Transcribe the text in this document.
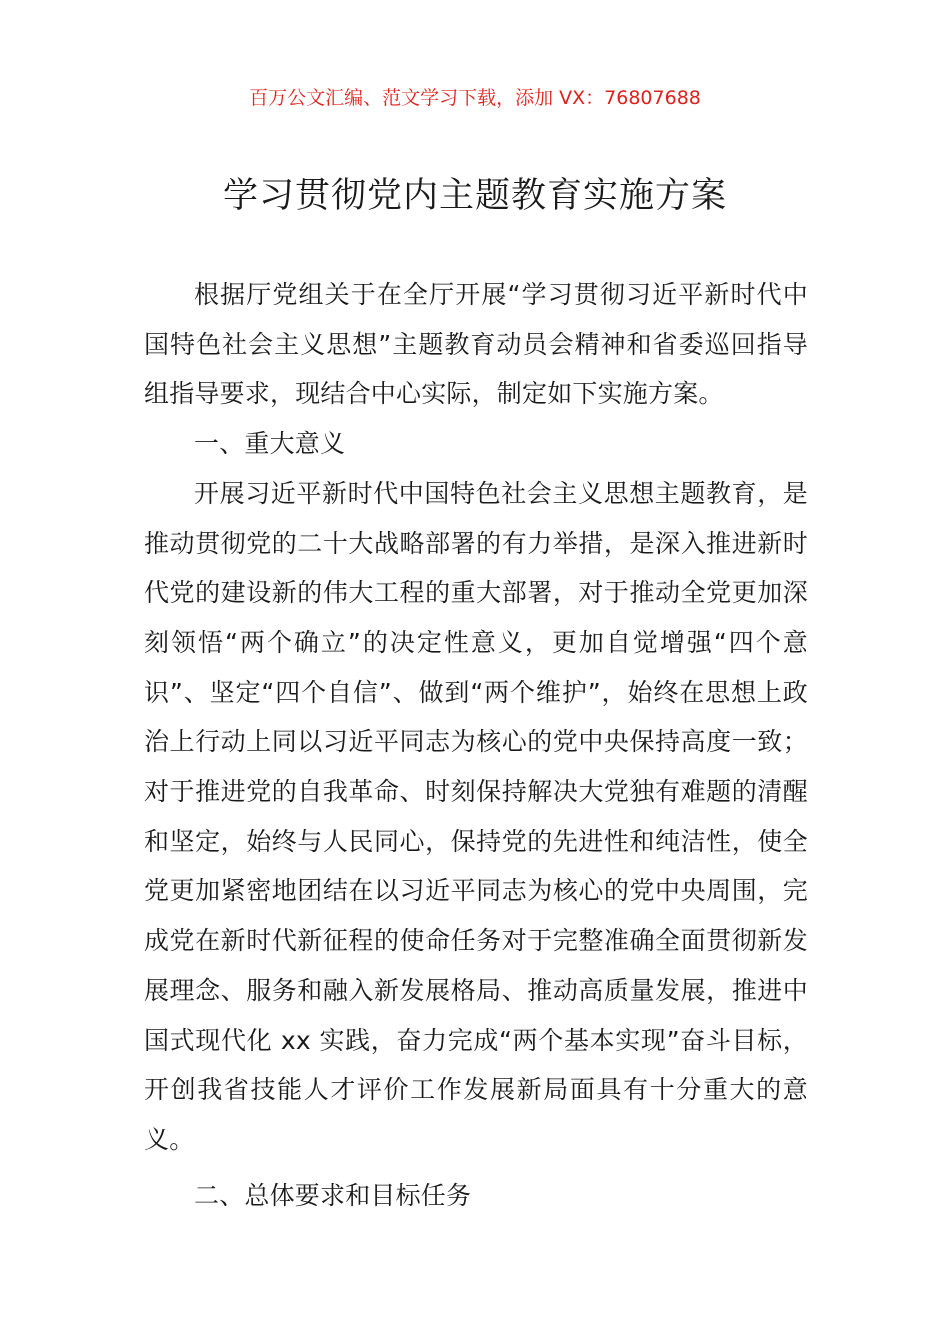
百万公文汇编、范文学习下载，添加 VX：76807688
学习贯彻党内主题教育实施方案

根据厅党组关于在全厅开展“学习贯彻习近平新时代中国特色社会主义思想”主题教育动员会精神和省委巡回指导组指导要求，现结合中心实际，制定如下实施方案。

一、重大意义

开展习近平新时代中国特色社会主义思想主题教育，是推动贯彻党的二十大战略部署的有力举措，是深入推进新时代党的建设新的伟大工程的重大部署，对于推动全党更加深刻领悟“两个确立”的决定性意义，更加自觉增强“四个意识”、坚定“四个自信”、做到“两个维护”，始终在思想上政治上行动上同以习近平同志为核心的党中央保持高度一致；对于推进党的自我革命、时刻保持解决大党独有难题的清醒和坚定，始终与人民同心，保持党的先进性和纯洁性，使全党更加紧密地团结在以习近平同志为核心的党中央周围，完成党在新时代新征程的使命任务对于完整准确全面贯彻新发展理念、服务和融入新发展格局、推动高质量发展，推进中国式现代化 xx 实践，奋力完成“两个基本实现”奋斗目标，开创我省技能人才评价工作发展新局面具有十分重大的意义。

二、总体要求和目标任务
